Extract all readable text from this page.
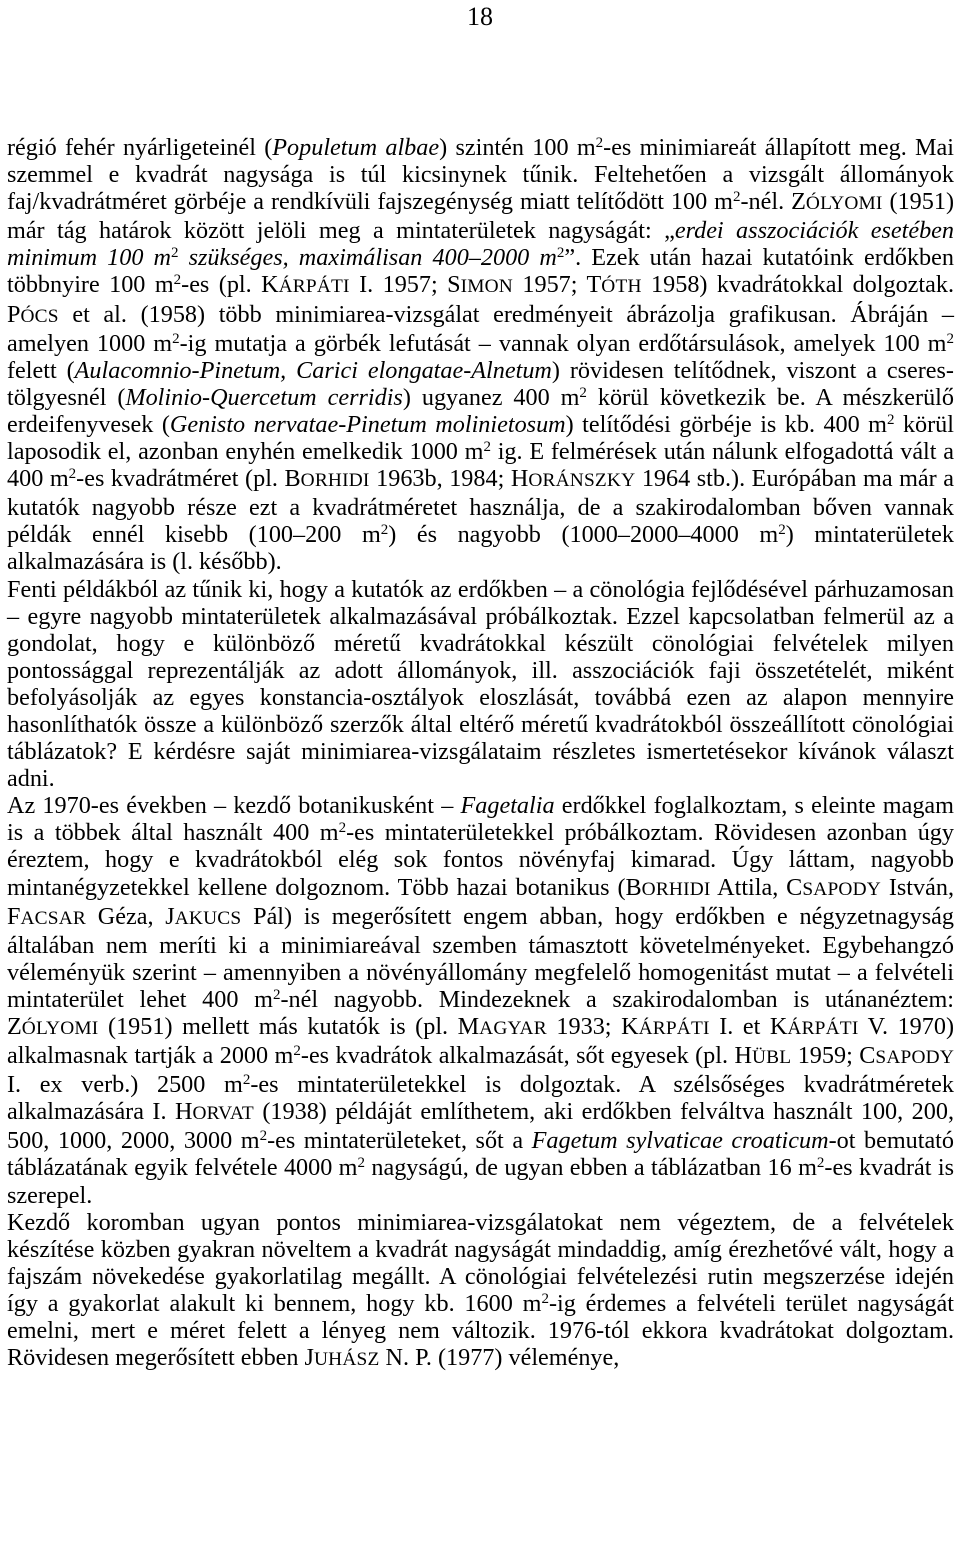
18

régió fehér nyárligeteinél (Populetum albae) szintén 100 $m^2-es$ minimiareát állapított meg. Mai szemmel e kvadrát nagysága is túl kicsinynek tűnik. Feltehetően a vizsgált állományok faj/kvadrátméret görbéje a rendkívüli fajszegénység miatt telítődött 100 $m^2$-nél. ZÓLYOMI (1951) már tág határok között jelöli meg a mintaterületek nagyságát: „erdei asszociációk esetében minimum 100 $m^2$ szükséges, maximálisan 400–2000 $m^2$”. Ezek után hazai kutatóink erdőkben többnyire 100 $m^2-es$ (pl. KÁRPÁTI I. 1957; SIMON 1957; TÓTH 1958) kvadrátokkal dolgoztak. PÓCS et al. (1958) több minimiarea-vizsgálat eredményeit ábrázolja grafikusan. Ábráján – amelyen 1000 $m^2-ig$ mutatja a görbék lefutását – vannak olyan erdőtársulások, amelyek 100 $m^2$ felett (Aulacomnio-Pinetum, Carici elongatae-Alnetum) rövidesen telítődnek, viszont a cseres-tölgyesnél (Molinio-Quercetum cerridis) ugyanez 400 $m^2$ körül következik be. A mészkerülő erdeifenyvesek (Genisto nervatae-Pinetum molinietosum) telítődési görbéje is kb. 400 $m^2$ körül laposodik el, azonban enyhén emelkedik 1000 $m^2$ ig. E felmérések után nálunk elfogadottá vált a 400 $m^2-es$ kvadrátméret (pl. BORHIDI 1963b, 1984; HORÁNSZKY 1964 stb.). Európában ma már a kutatók nagyobb része ezt a kvadrátméretet használja, de a szakirodalomban bőven vannak példák ennél kisebb (100–200 $m^2$) és nagyobb (1000–2000–4000 $m^2$) mintaterületek alkalmazására is (l. később).

Fenti példákból az tűnik ki, hogy a kutatók az erdőkben – a cönológia fejlődésével párhuzamosan – egyre nagyobb mintaterületek alkalmazásával próbálkoztak. Ezzel kapcsolatban felmerül az a gondolat, hogy e különböző méretű kvadrátokkal készült cönológiai felvételek milyen pontossággal reprezentálják az adott állományok, ill. asszociációk faji összetételét, miként befolyásolják az egyes konstancia-osztályok eloszlását, továbbá ezen az alapon mennyire hasonlíthatók össze a különböző szerzők által eltérő méretű kvadrátokból összeállított cönológiai táblázatok? E kérdésre saját minimiarea-vizsgálataim részletes ismertetésekor kívánok választ adni.

Az 1970-es években – kezdő botanikusként – Fagetalia erdőkkel foglalkoztam, s eleinte magam is a többek által használt 400 $m^2-es$ mintaterületekkel próbálkoztam. Rövidesen azonban úgy éreztem, hogy e kvadrátokból elég sok fontos növényfaj kimarad. Úgy láttam, nagyobb mintanégyzetekkel kellene dolgoznom. Több hazai botanikus (BORHIDI Attila, CSAPODY István, FACSAR Géza, JAKUCS Pál) is megerősített engem abban, hogy erdőkben e négyzetnagyság általában nem meríti ki a minimiareával szemben támasztott követelményeket. Egybehangzó véleményük szerint – amennyiben a növényállomány megfelelő homogenitást mutat – a felvételi mintaterület lehet 400 $m^2$-nél nagyobb. Mindezeknek a szakirodalomban is utánanéztem: ZÓLYOMI (1951) mellett más kutatók is (pl. MAGYAR 1933; KÁRPÁTI I. et KÁRPÁTI V. 1970) alkalmasnak tartják a 2000 $m^2-es$ kvadrátok alkalmazását, sőt egyesek (pl. HÜBL 1959; CSAPODY I. ex verb.) 2500 $m^2-es$ mintaterületekkel is dolgoztak. A szélsőséges kvadrátméretek alkalmazására I. HORVAT (1938) példáját említhetem, aki erdőkben felváltva használt 100, 200, 500, 1000, 2000, 3000 $m^2-es$ mintaterületeket, sőt a Fagetum sylvaticae croaticum-ot bemutató táblázatának egyik felvétele 4000 $m^2$ nagyságú, de ugyan ebben a táblázatban 16 $m^2-es$ kvadrát is szerepel.

Kezdő koromban ugyan pontos minimiarea-vizsgálatokat nem végeztem, de a felvételek készítése közben gyakran növeltem a kvadrát nagyságát mindaddig, amíg érezhetővé vált, hogy a fajszám növekedése gyakorlatilag megállt. A cönológiai felvételezési rutin megszerzése idején így a gyakorlat alakult ki bennem, hogy kb. 1600 $m^2-ig$ érdemes a felvételi terület nagyságát emelni, mert e méret felett a lényeg nem változik. 1976-tól ekkora kvadrátokat dolgoztam. Rövidesen megerősített ebben JUHÁSZ N. P. (1977) véleménye,
